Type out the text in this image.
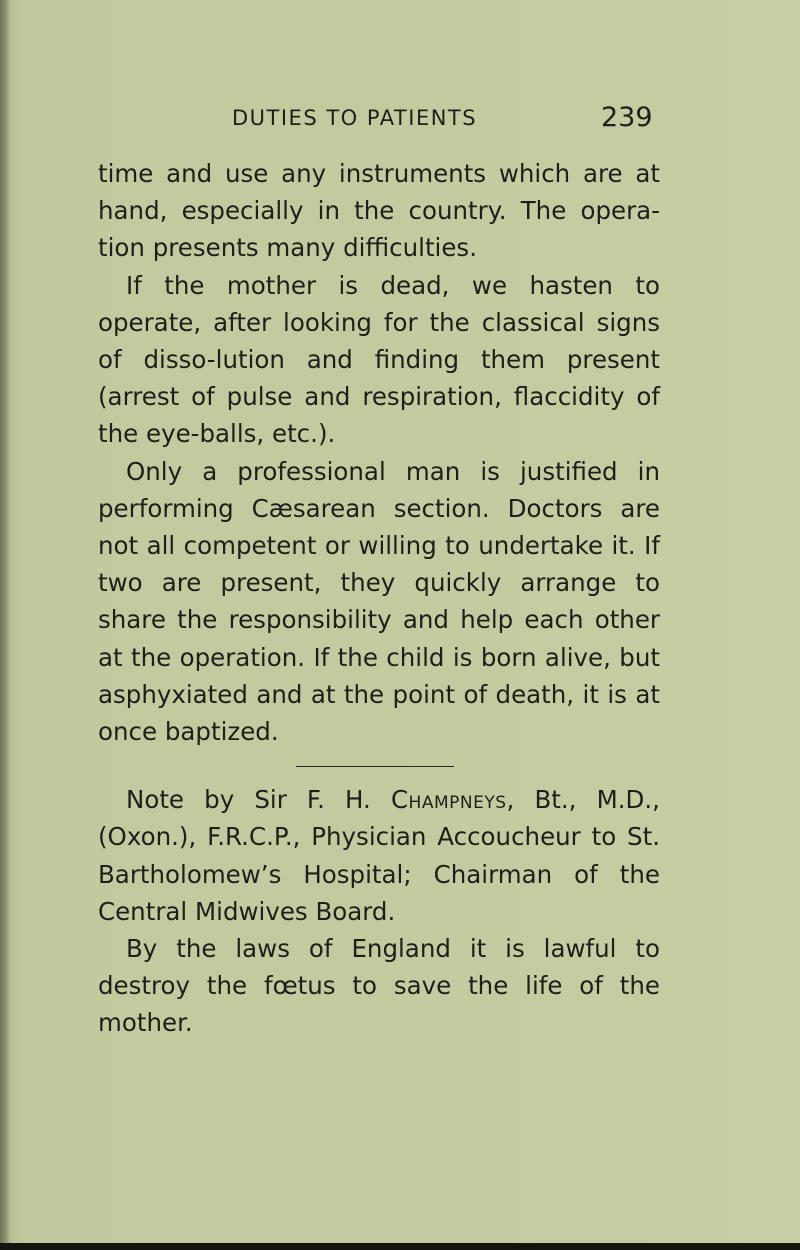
DUTIES TO PATIENTS	239

time and use any instruments which are at hand, especially in the country. The opera-tion presents many difficulties.

If the mother is dead, we hasten to operate, after looking for the classical signs of disso-lution and finding them present (arrest of pulse and respiration, flaccidity of the eye-balls, etc.).

Only a professional man is justified in performing Cæsarean section. Doctors are not all competent or willing to undertake it. If two are present, they quickly arrange to share the responsibility and help each other at the operation. If the child is born alive, but asphyxiated and at the point of death, it is at once baptized.

Note by Sir F. H. Champneys, Bt., M.D., (Oxon.), F.R.C.P., Physician Accoucheur to St. Bartholomew’s Hospital; Chairman of the Central Midwives Board.

By the laws of England it is lawful to destroy the fœtus to save the life of the mother.
